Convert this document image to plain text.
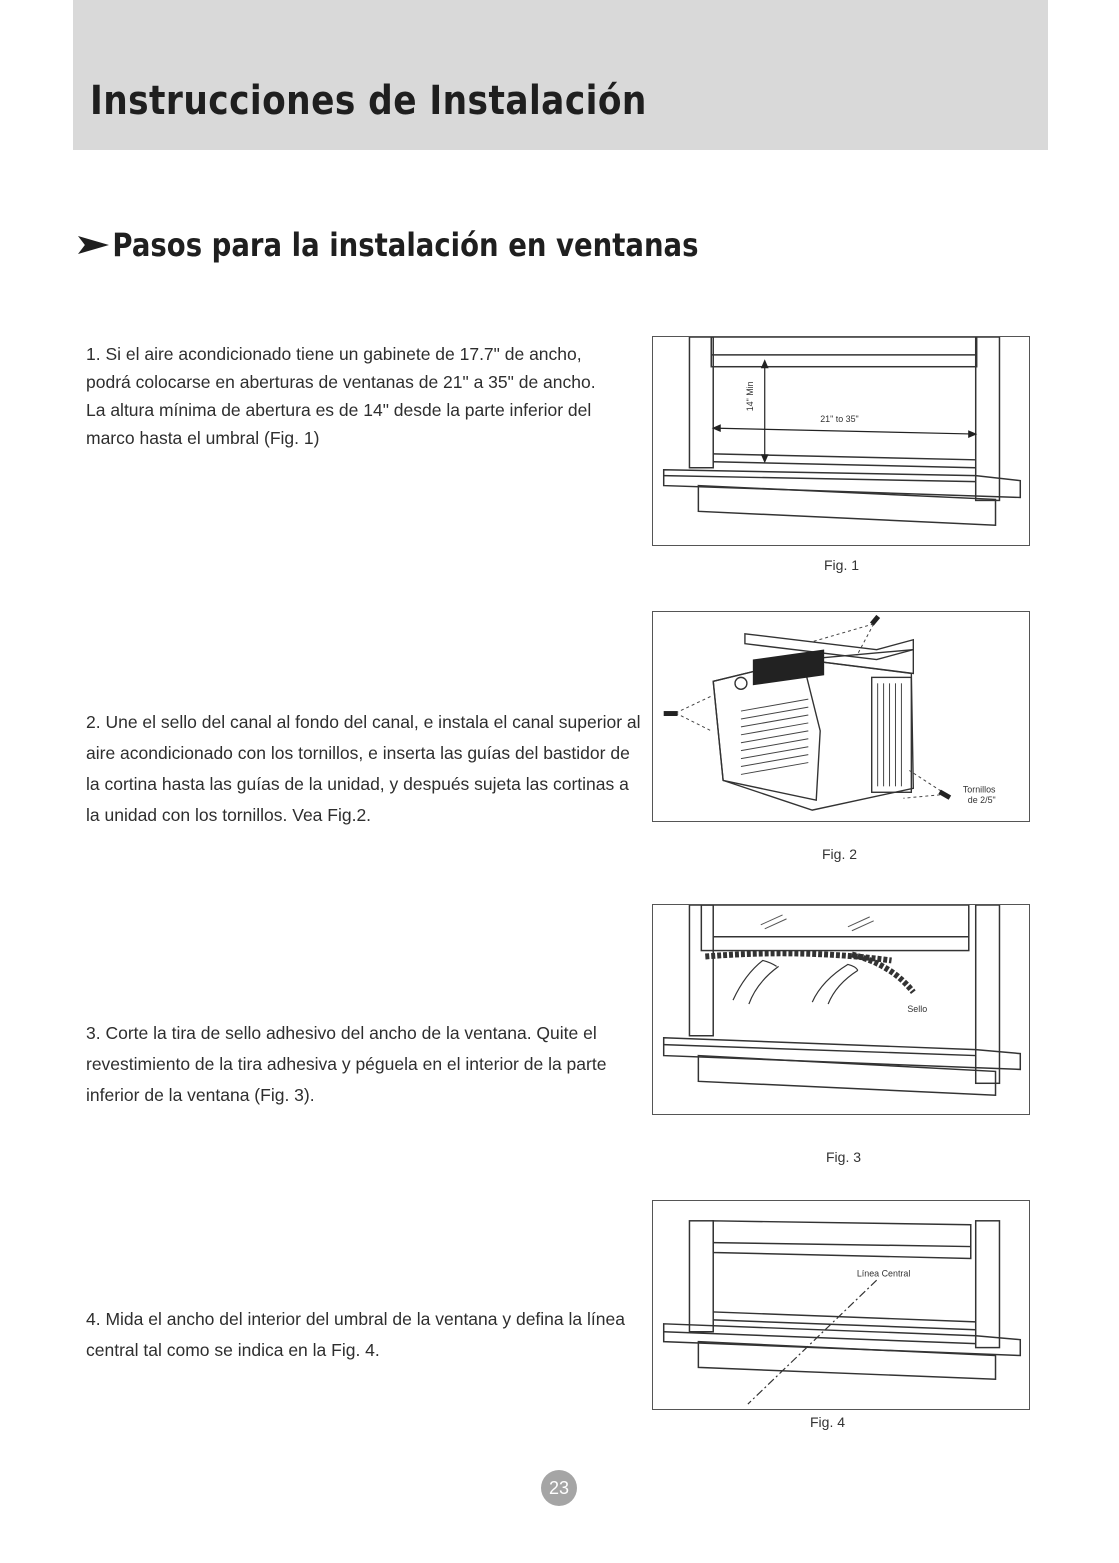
Instrucciones de Instalación
Pasos para la instalación en ventanas

1. Si el aire acondicionado tiene un gabinete de 17.7" de ancho, podrá colocarse en aberturas de ventanas de 21" a 35" de ancho. La altura mínima de abertura es de 14" desde la parte inferior del marco hasta el umbral (Fig. 1)

2. Une el sello del canal al fondo del canal, e instala el canal superior al aire acondicionado con los tornillos, e inserta las guías del bastidor de la cortina hasta las guías de la unidad, y después sujeta las cortinas a la unidad con los tornillos. Vea Fig.2.

3. Corte la tira de sello adhesivo del ancho de la ventana. Quite el revestimiento de la tira adhesiva y péguela en el interior de la parte inferior de la ventana (Fig. 3).

4. Mida el ancho del interior del umbral de la ventana y defina la línea central tal como se indica en la Fig. 4.

14" Min
21" to 35"

Fig. 1

Tornillos
de 2/5"

Fig. 2

Sello

Fig. 3

Línea Central

Fig. 4

23
